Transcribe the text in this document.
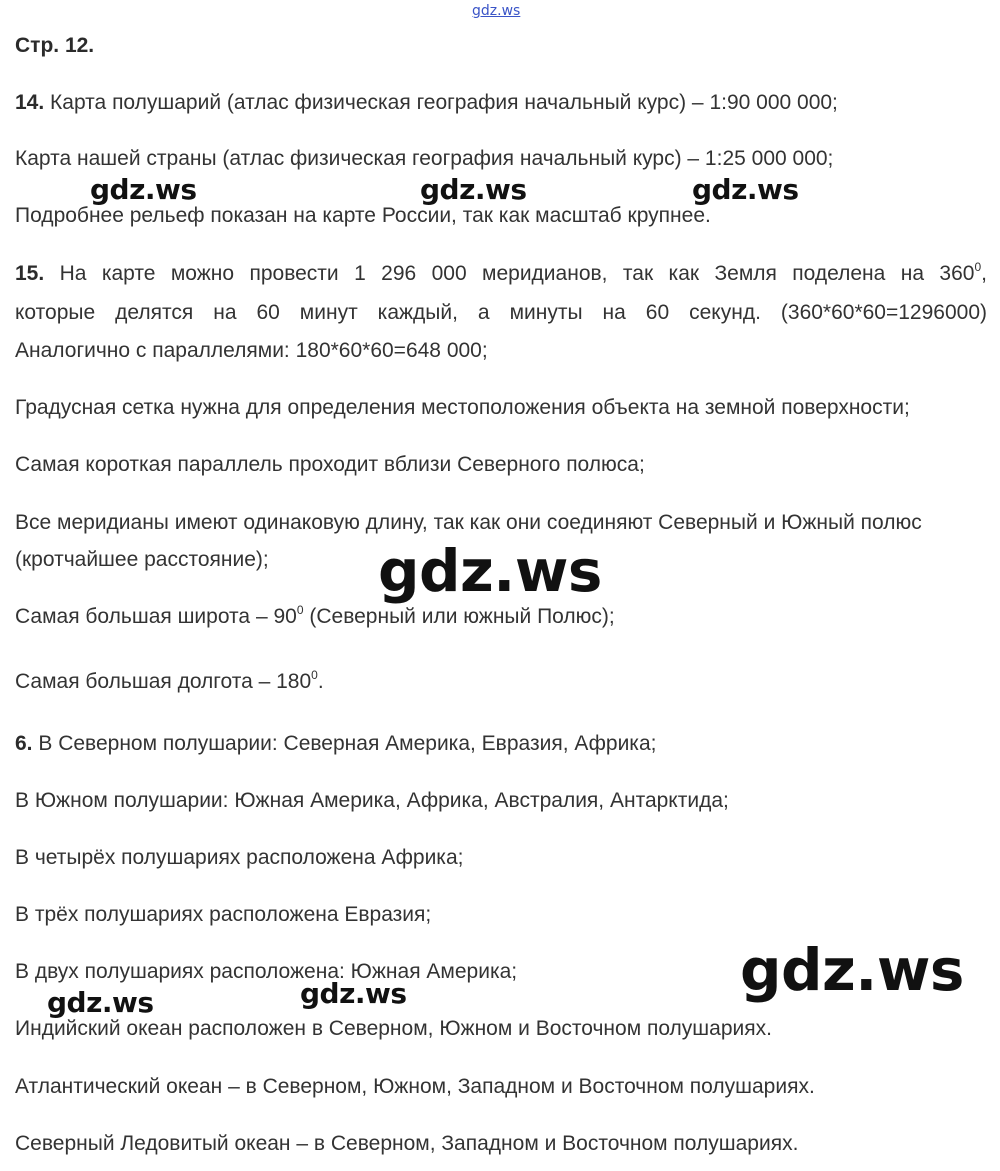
gdz.ws
Стр. 12.
14. Карта полушарий (атлас физическая география начальный курс) – 1:90 000 000;
Карта нашей страны (атлас физическая география начальный курс) – 1:25 000 000;
Подробнее рельеф показан на карте России, так как масштаб крупнее.
15. На карте можно провести 1 296 000 меридианов, так как Земля поделена на $360^0$,
которые делятся на 60 минут каждый, а минуты на 60 секунд. (360*60*60=1296000)
Аналогично с параллелями: 180*60*60=648 000;
Градусная сетка нужна для определения местоположения объекта на земной поверхности;
Самая короткая параллель проходит вблизи Северного полюса;
Все меридианы имеют одинаковую длину, так как они соединяют Северный и Южный полюс
(кротчайшее расстояние);
Самая большая широта – $90^0$ (Северный или южный Полюс);
Самая большая долгота – $180^0$.
6. В Северном полушарии: Северная Америка, Евразия, Африка;
В Южном полушарии: Южная Америка, Африка, Австралия, Антарктида;
В четырёх полушариях расположена Африка;
В трёх полушариях расположена Евразия;
В двух полушариях расположена: Южная Америка;
Индийский океан расположен в Северном, Южном и Восточном полушариях.
Атлантический океан – в Северном, Южном, Западном и Восточном полушариях.
Северный Ледовитый океан – в Северном, Западном и Восточном полушариях.
gdz.ws	gdz.ws	gdz.ws
gdz.ws
gdz.ws
gdz.ws	gdz.ws
